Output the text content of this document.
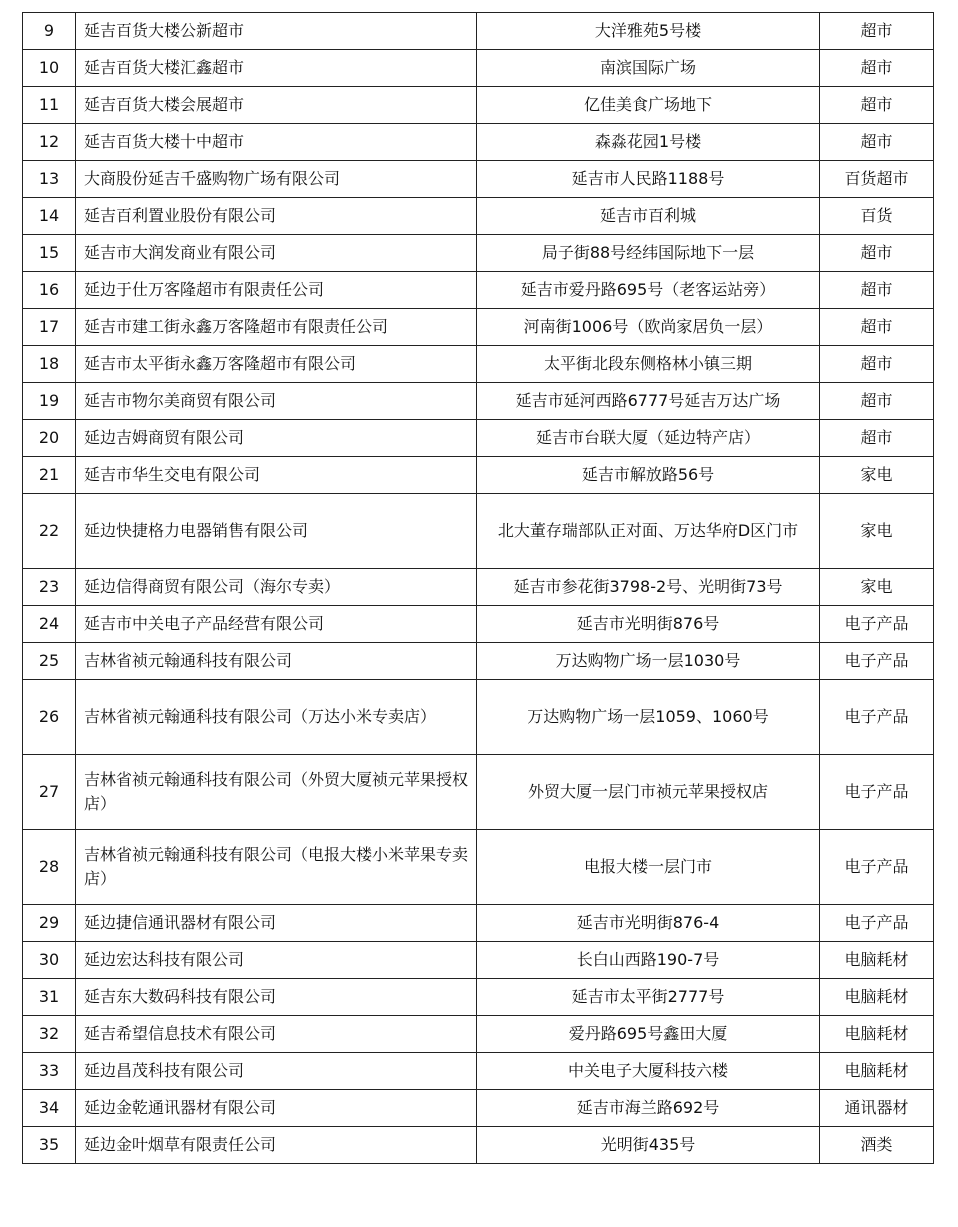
9	延吉百货大楼公新超市	大洋雅苑5号楼	超市
10	延吉百货大楼汇鑫超市	南滨国际广场	超市
11	延吉百货大楼会展超市	亿佳美食广场地下	超市
12	延吉百货大楼十中超市	森淼花园1号楼	超市
13	大商股份延吉千盛购物广场有限公司	延吉市人民路1188号	百货超市
14	延吉百利置业股份有限公司	延吉市百利城	百货
15	延吉市大润发商业有限公司	局子街88号经纬国际地下一层	超市
16	延边于仕万客隆超市有限责任公司	延吉市爱丹路695号（老客运站旁）	超市
17	延吉市建工街永鑫万客隆超市有限责任公司	河南街1006号（欧尚家居负一层）	超市
18	延吉市太平街永鑫万客隆超市有限公司	太平街北段东侧格林小镇三期	超市
19	延吉市物尔美商贸有限公司	延吉市延河西路6777号延吉万达广场	超市
20	延边吉姆商贸有限公司	延吉市台联大厦（延边特产店）	超市
21	延吉市华生交电有限公司	延吉市解放路56号	家电
22	延边快捷格力电器销售有限公司	北大董存瑞部队正对面、万达华府D区门市	家电
23	延边信得商贸有限公司（海尔专卖）	延吉市参花街3798-2号、光明街73号	家电
24	延吉市中关电子产品经营有限公司	延吉市光明街876号	电子产品
25	吉林省祯元翰通科技有限公司	万达购物广场一层1030号	电子产品
26	吉林省祯元翰通科技有限公司（万达小米专卖店）	万达购物广场一层1059、1060号	电子产品
27	吉林省祯元翰通科技有限公司（外贸大厦祯元苹果授权店）	外贸大厦一层门市祯元苹果授权店	电子产品
28	吉林省祯元翰通科技有限公司（电报大楼小米苹果专卖店）	电报大楼一层门市	电子产品
29	延边捷信通讯器材有限公司	延吉市光明街876-4	电子产品
30	延边宏达科技有限公司	长白山西路190-7号	电脑耗材
31	延吉东大数码科技有限公司	延吉市太平街2777号	电脑耗材
32	延吉希望信息技术有限公司	爱丹路695号鑫田大厦	电脑耗材
33	延边昌茂科技有限公司	中关电子大厦科技六楼	电脑耗材
34	延边金乾通讯器材有限公司	延吉市海兰路692号	通讯器材
35	延边金叶烟草有限责任公司	光明街435号	酒类
